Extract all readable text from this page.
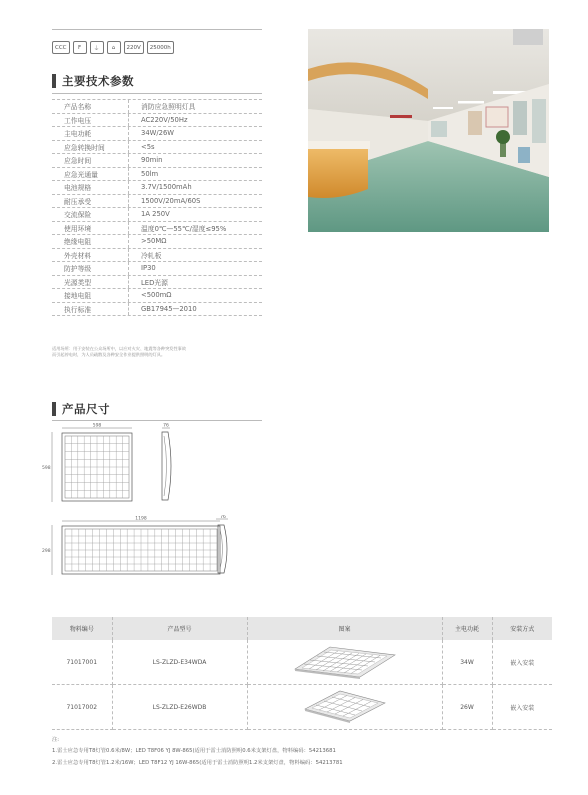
CCC	F	⏚	⌂	220V	25000h
主要技术参数
产品名称	消防应急照明灯具
工作电压	AC220V/50Hz
主电功耗	34W/26W
应急转换时间	<5s
应急时间	90min
应急光通量	50lm
电池规格	3.7V/1500mAh
耐压承受	1500V/20mA/60S
交流保险	1A 250V
使用环境	温度0℃—55℃/湿度≤95%
绝缘电阻	>50MΩ
外壳材料	冷轧板
防护等级	IP30
光源类型	LED光源
接地电阻	<500mΩ
执行标准	GB17945—2010
适用场所：用于安装在公众场所中，以应对火灾、地震等各种突发性事故
而引起停电时，为人员疏散及各种安全作业提供照明的灯具。
产品尺寸
598
598
76
1198
298
76
物料编号	产品型号	图案	主电功耗	安装方式
71017001	LS-ZLZD-E34WDA		34W	嵌入安装
71017002	LS-ZLZD-E26WDB		26W	嵌入安装
注:
1.雷士应急专用T8灯管0.6米/8W；LED T8F06 YJ 8W-865(适用于雷士消防照明0.6米支架灯盘，物料编码：54213681
2.雷士应急专用T8灯管1.2米/16W；LED T8F12 YJ 16W-865(适用于雷士消防照明1.2米支架灯盘，物料编码：54213781
